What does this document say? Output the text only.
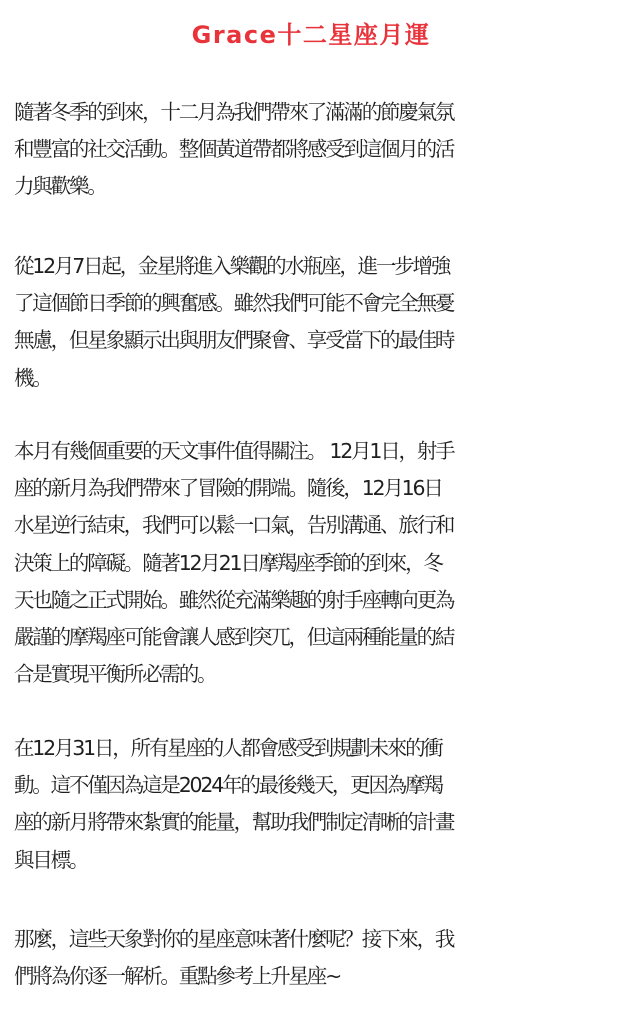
Grace十二星座月運

隨著冬季的到來，十二月為我們帶來了滿滿的節慶氣氛
和豐富的社交活動。整個黃道帶都將感受到這個月的活
力與歡樂。

從12月7日起，金星將進入樂觀的水瓶座，進一步增強
了這個節日季節的興奮感。雖然我們可能不會完全無憂
無慮，但星象顯示出與朋友們聚會、享受當下的最佳時
機。

本月有幾個重要的天文事件值得關注。 12月1日，射手
座的新月為我們帶來了冒險的開端。隨後，12月16日
水星逆行結束，我們可以鬆一口氣，告別溝通、旅行和
決策上的障礙。隨著12月21日摩羯座季節的到來，冬
天也隨之正式開始。雖然從充滿樂趣的射手座轉向更為
嚴謹的摩羯座可能會讓人感到突兀，但這兩種能量的結
合是實現平衡所必需的。

在12月31日，所有星座的人都會感受到規劃未來的衝
動。這不僅因為這是2024年的最後幾天，更因為摩羯
座的新月將帶來紮實的能量，幫助我們制定清晰的計畫
與目標。

那麼，這些天象對你的星座意味著什麼呢？接下來，我
們將為你逐一解析。重點參考上升星座~
